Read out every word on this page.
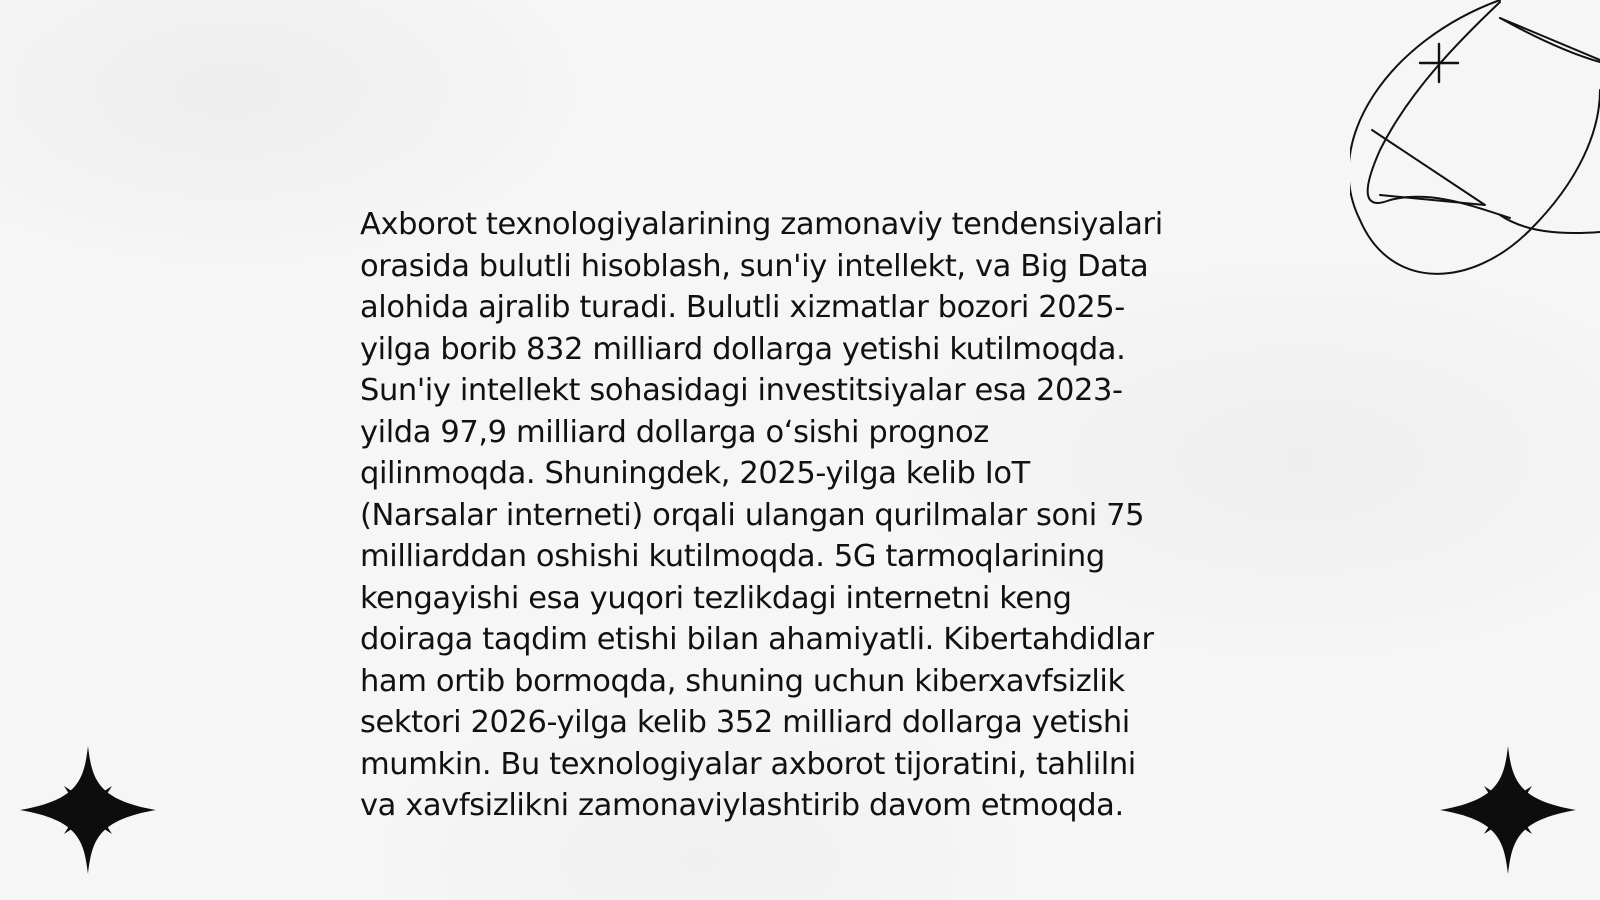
Axborot texnologiyalarining zamonaviy tendensiyalari
orasida bulutli hisoblash, sun'iy intellekt, va Big Data
alohida ajralib turadi. Bulutli xizmatlar bozori 2025-
yilga borib 832 milliard dollarga yetishi kutilmoqda.
Sun'iy intellekt sohasidagi investitsiyalar esa 2023-
yilda 97,9 milliard dollarga o‘sishi prognoz
qilinmoqda. Shuningdek, 2025-yilga kelib IoT
(Narsalar interneti) orqali ulangan qurilmalar soni 75
milliarddan oshishi kutilmoqda. 5G tarmoqlarining
kengayishi esa yuqori tezlikdagi internetni keng
doiraga taqdim etishi bilan ahamiyatli. Kibertahdidlar
ham ortib bormoqda, shuning uchun kiberxavfsizlik
sektori 2026-yilga kelib 352 milliard dollarga yetishi
mumkin. Bu texnologiyalar axborot tijoratini, tahlilni
va xavfsizlikni zamonaviylashtirib davom etmoqda.
